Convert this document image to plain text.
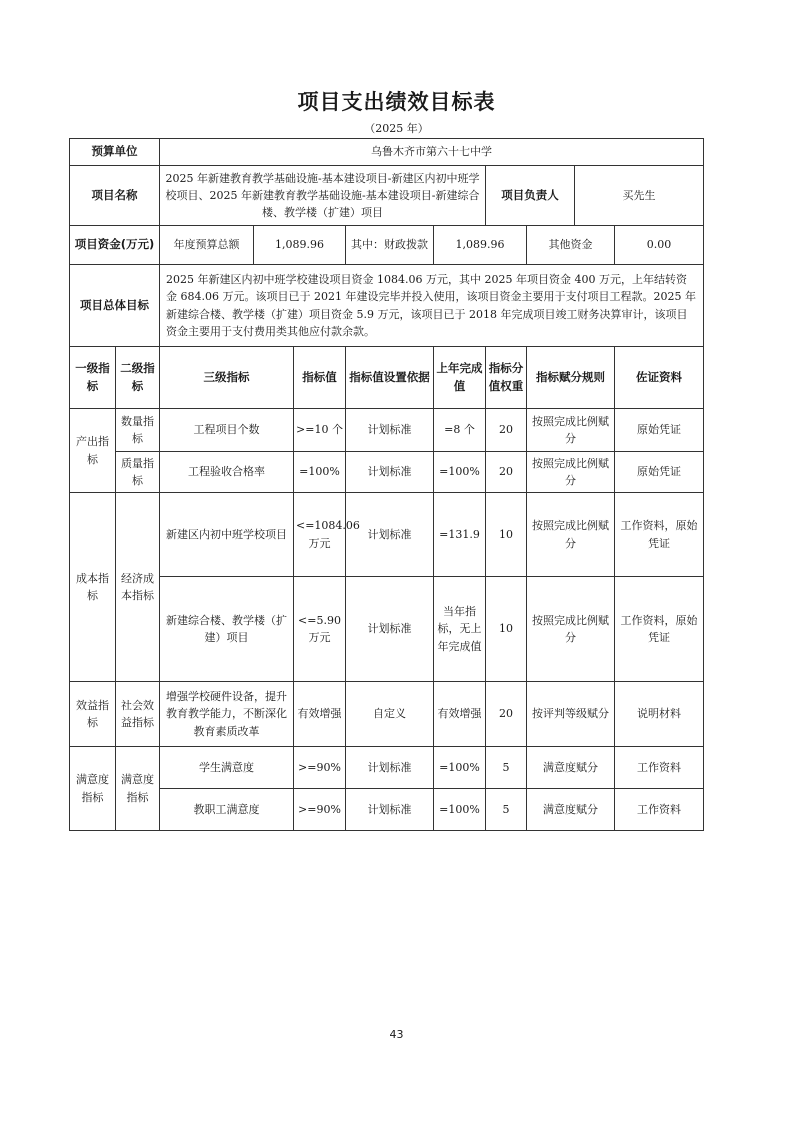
项目支出绩效目标表
（2025 年）
预算单位		乌鲁木齐市第六十七中学								
项目名称		2025 年新建教育教学基础设施-基本建设项目-新建区内初中班学校项目、2025 年新建教育教学基础设施-基本建设项目-新建综合楼、教学楼（扩建）项目					项目负责人		买先生	
项目资金(万元)		年度预算总额	1,089.96		其中：财政拨款	1,089.96		其他资金		0.00
项目总体目标		2025 年新建区内初中班学校建设项目资金 1084.06 万元，其中 2025 年项目资金 400 万元，上年结转资金 684.06 万元。该项目已于 2021 年建设完毕并投入使用，该项目资金主要用于支付项目工程款。2025 年新建综合楼、教学楼（扩建）项目资金 5.9 万元，该项目已于 2018 年完成项目竣工财务决算审计，该项目资金主要用于支付费用类其他应付款余款。								
一级指标	二级指标	三级指标		指标值	指标值设置依据	上年完成值	指标分值权重	指标赋分规则		佐证资料
产出指标	数量指标	工程项目个数		>=10 个	计划标准	=8 个	20	按照完成比例赋分		原始凭证
	质量指标	工程验收合格率		=100%	计划标准	=100%	20	按照完成比例赋分		原始凭证
成本指标	经济成本指标	新建区内初中班学校项目		<=1084.06 万元	计划标准	=131.9	10	按照完成比例赋分		工作资料，原始凭证
		新建综合楼、教学楼（扩建）项目		<=5.90 万元	计划标准	当年指标，无上年完成值	10	按照完成比例赋分		工作资料，原始凭证
效益指标	社会效益指标	增强学校硬件设备，提升教育教学能力，不断深化教育素质改革		有效增强	自定义	有效增强	20	按评判等级赋分		说明材料
满意度指标	满意度指标	学生满意度		>=90%	计划标准	=100%	5	满意度赋分		工作资料
		教职工满意度		>=90%	计划标准	=100%	5	满意度赋分		工作资料
43
